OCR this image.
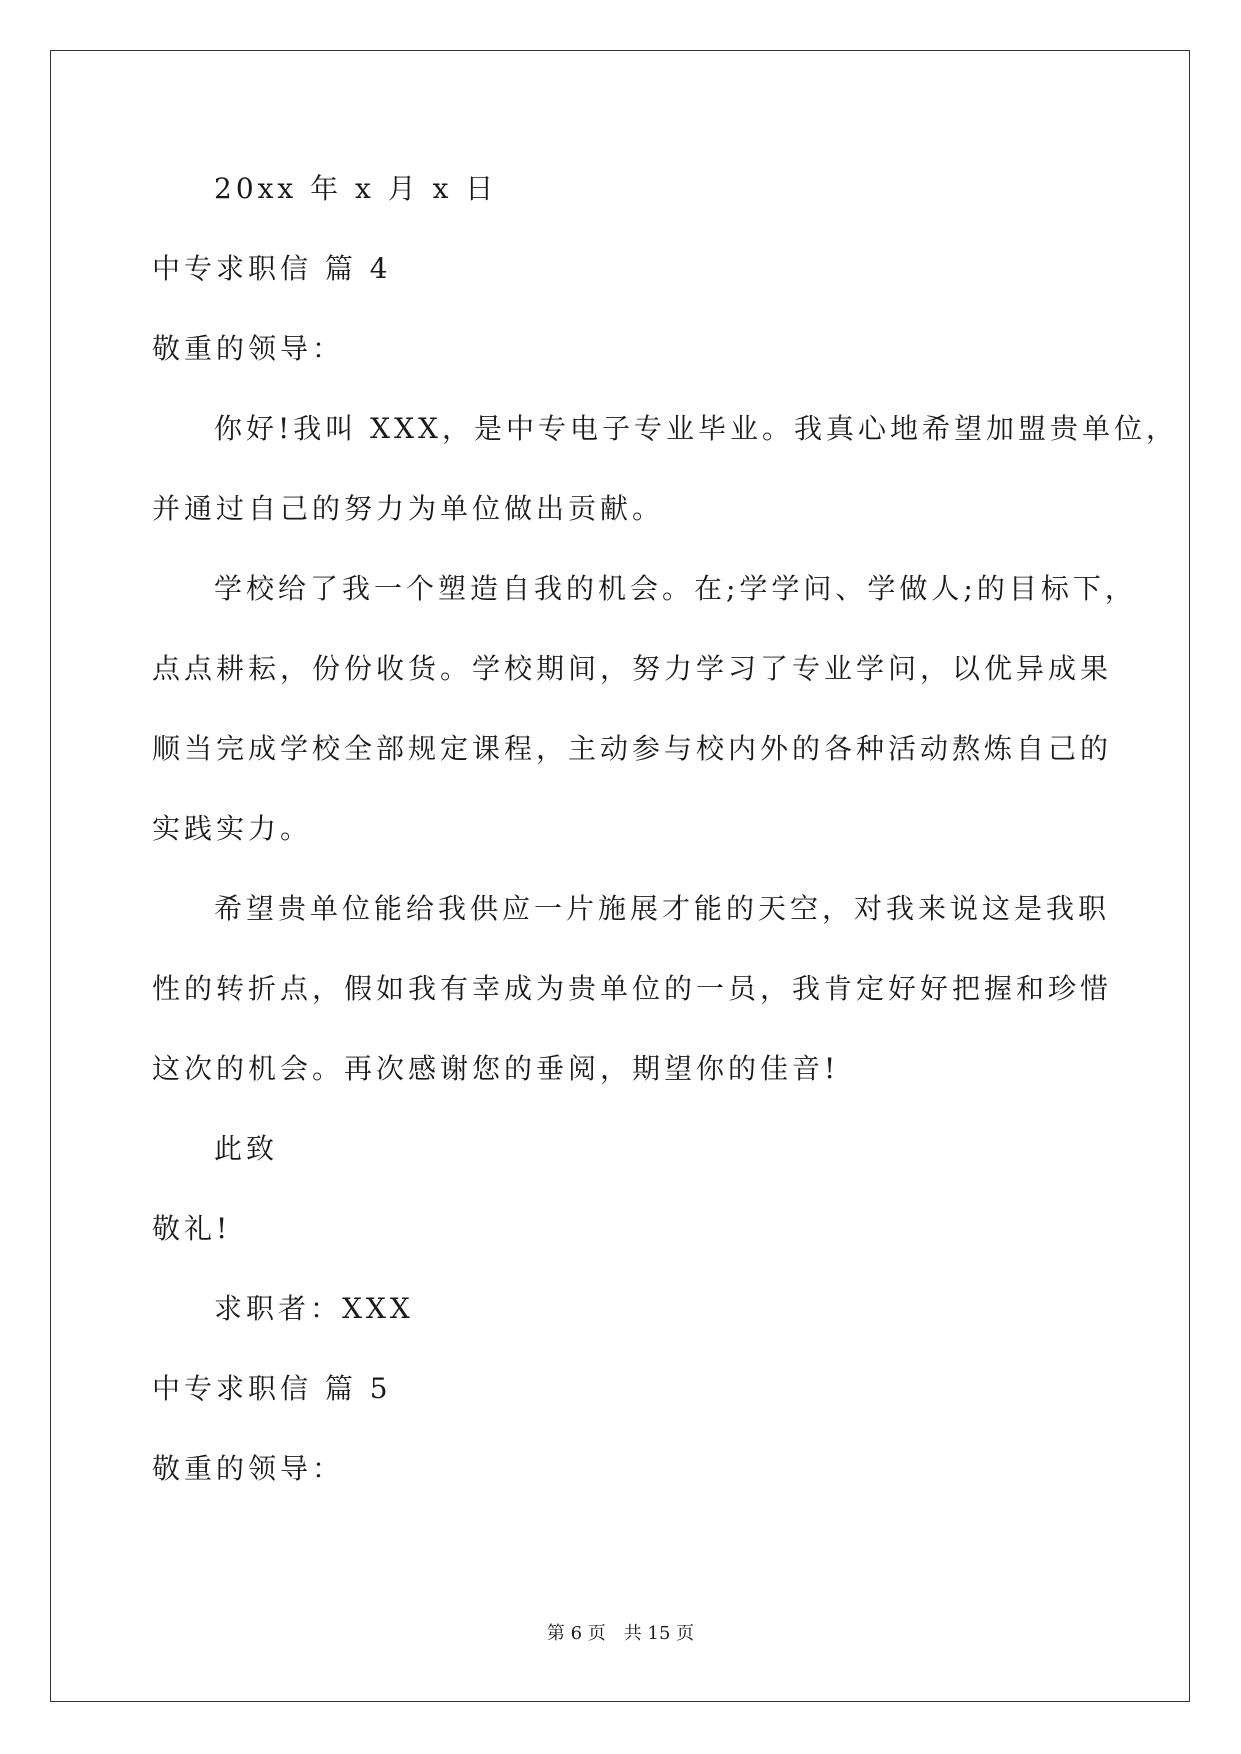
20xx 年 x 月 x 日
中专求职信 篇 4
敬重的领导：
你好!我叫 XXX，是中专电子专业毕业。我真心地希望加盟贵单位，
并通过自己的努力为单位做出贡献。
学校给了我一个塑造自我的机会。在;学学问、学做人;的目标下，
点点耕耘，份份收货。学校期间，努力学习了专业学问，以优异成果
顺当完成学校全部规定课程，主动参与校内外的各种活动熬炼自己的
实践实力。
希望贵单位能给我供应一片施展才能的天空，对我来说这是我职
性的转折点，假如我有幸成为贵单位的一员，我肯定好好把握和珍惜
这次的机会。再次感谢您的垂阅，期望你的佳音!
此致
敬礼!
求职者：XXX
中专求职信 篇 5
敬重的领导：
第 6 页　共 15 页
